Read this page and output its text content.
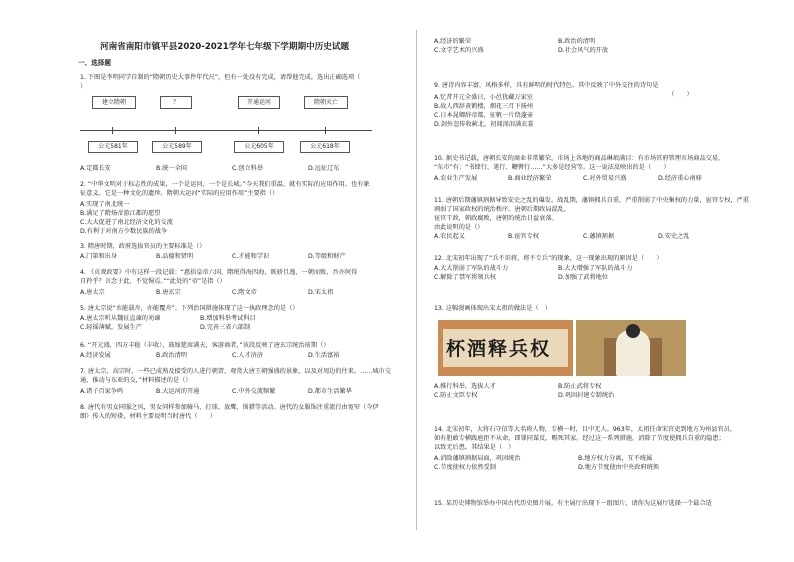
河南省南阳市镇平县2020-2021学年七年级下学期期中历史试题
一、选择题
1. 下图是李明同学自制的“隋朝历史大事件年代尺”，但有一处没有完成，请帮他完成，选出正确选项（
）
建立隋朝	？	开通运河	隋朝灭亡
公元581年	公元589年	公元605年	公元618年
A.定都长安	B.统一全国	C.创立科举	D.远征辽东
2. “中华文明对于标志性的成果，一个是运河，一个是长城。”今天我们重温，就有实际的应用作用。也有象
征意义。它是一种文化的遗珍。隋朝大运河“实际的应用作用”主要指（）
A.实现了南北统一
B.满足了隋炀帝游江都的愿望
C.大大促进了南北经济文化的交流
D.有利于对南方少数民族的战争
3. 隋唐时期，政府选拔官员的主要标准是（）
A.门第和出身	B.品德和贤明	C.才能和学识	D.等级和财产
4. 《贞观政要》中有这样一段记载：“惠拾皇帝六国，隋统得海四海，既骄且逸，一朝而败，吾亦何得
自矜乎？言念于此，不觉惕焉。”“此处的”帝”是指（）
A.唐太宗	B.唐玄宗	C.隋文帝	D.宋太祖
5. 唐太宗说“水能载舟，亦能覆舟”。下列治国措施体现了这一执政理念的是（）
A.唐太宗听从魏征直谏的劝谏	B.增加科举考试科目
C.轻徭薄赋，发展生产	D.完善三省六部制
6. “开元盛，四方丰稔（丰收），鼓嫁筵席满天，客游商者，”该段反映了唐玄宗统治前期（）
A.经济发展	B.政治清明	C.人才济济	D.生活富裕
7. 唐太宗、高宗时，一些已成熟及接受的人进行朝贺，观赏大唐王朝强盛的景象，以及对周边的往来。……城市交
通，推动与东亚的交，”材料描述的是（）
A.诸子百家争鸣	B.大运河的开通	C.中外交流频繁	D.都市生活繁华
8. 唐代有男女同服之风，男女同样参加骑马、打球、放鹰、围猎等活动。唐代的女服饰注重流行由宽窄（今伊
朗）传入的短褂，材料主要说明当时唐代（　　）
A.经济的繁荣	B.政治的清明
C.文学艺术的兴盛	D.社会风气的开放
9. 唐诗内容丰富，风格多样，具有鲜明的时代特色。其中反映了中外交往的诗句是
（　　）
A.忆昔开元全盛日，小邑犹藏万家室
B.故人西辞黄鹤楼，烟花三月下扬州
C.日本晁卿辞帝都，征帆一片绕蓬壶
D.剑外忽传收蓟北，初闻涕泪满衣裳
10. 据史书记载，唐朝长安的商业非常繁荣，市场上各地的商品琳琅满目：有市场官府管理市场商品交易，
“东市”有：“书肆行、笔行、鞭辔行……”大多是经营等。这一说法反映出的是（　　）
A.农业生产发展	B.商业经济繁荣	C.对外贸易兴盛	D.经济重心南移
11. 唐朝后期藩镇割据导致安史之乱的爆发。战乱期，藩镇拥兵自重，严重削弱了中央集权的力量，宦官专权，严重
割弱了国家政权的统治秩序。唐朝后期政局混乱，
宦官干政，朝政腐败，唐朝的统治日益衰落。
由此说明的是（）
A.农民起义	B.宦官专权	C.藩镇割据	D.安史之乱
12. 北宋初年出现了“兵不识将，将不专兵”的现象，这一现象出现的原因是（　　）
A.大大削弱了军队的战斗力	B.大大增强了军队的战斗力
C.解除了禁军将领兵权	D.加强了武将地位
13. 这幅漫画体现出宋太祖的做法是（　）
杯酒释兵权
A.推行科举，选拔人才	B.防止武将专权
C.防止文臣专权	D.巩固封建专制统治
14. 北宋初年，大将石守信等大名将人物，专横一时，目中无人。963年，太祖任命宋官吏到地方为州县官员，
如有胆敢专横跋扈拒不从命，即罪同谋反，赐死其家。经过这一系列措施，消除了节度使拥兵自重的隐患；
以致无后患。其结果是（　）
A.消除藩镇割据局面，巩固统治	B.地方权力分离，互不统属
C.节度使权力依然受制	D.地方节度使由中央政府统领
15. 某历史博物馆举办中国古代历史图片展，有主展厅出现下一组图片，请你为这展厅选择一个最合适
